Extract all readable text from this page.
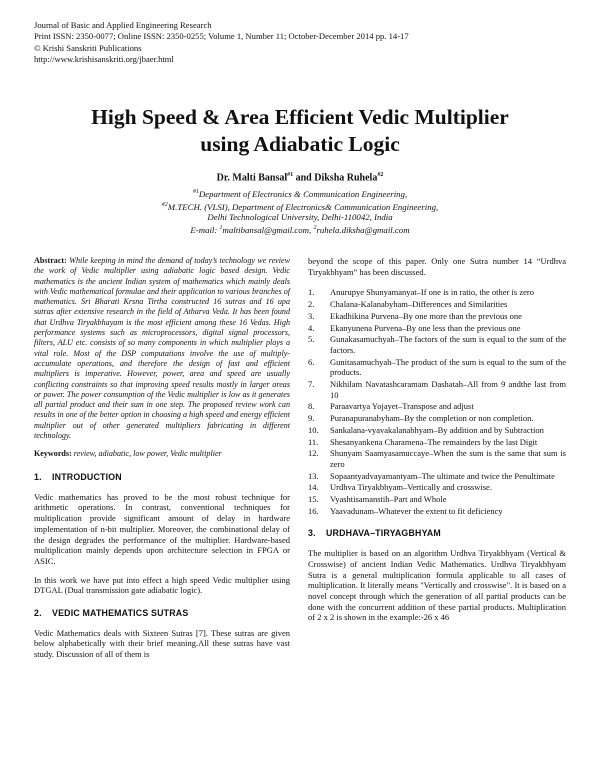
Journal of Basic and Applied Engineering Research
Print ISSN: 2350-0077; Online ISSN: 2350-0255; Volume 1, Number 11; October-December 2014 pp. 14-17
© Krishi Sanskriti Publications
http://www.krishisanskriti.org/jbaer.html
High Speed & Area Efficient Vedic Multiplier
using Adiabatic Logic
Dr. Malti Bansal$^{\#1}$ and Diksha Ruhela$^{\#2}$
$^{\#1}$Department of Electronics & Communication Engineering,
$^{\#2}$M.TECH. (VLSI), Department of Electronics& Communication Engineering,
Delhi Technological University, Delhi-110042, India
E-mail: $^1$maltibansal@gmail.com, $^2$ruhela.diksha@gmail.com
Abstract: While keeping in mind the demand of today’s technology we review the work of Vedic multiplier using adiabatic logic based design. Vedic mathematics is the ancient Indian system of mathematics which mainly deals with Vedic mathematical formulae and their application to various branches of mathematics. Sri Bharati Krsna Tirtha constructed 16 sutras and 16 upa sutras after extensive research in the field of Atharva Veda. It has been found that Urdhva Tiryakbhayam is the most efficient among these 16 Vedas. High performance systems such as microprocessors, digital signal processors, filters, ALU etc. consists of so many components in which multiplier plays a vital role. Most of the DSP computations involve the use of multiply-accumulate operations, and therefore the design of fast and efficient multipliers is imperative. However, power, area and speed are usually conflicting constraints so that improving speed results mostly in larger areas or power. The power consumption of the Vedic multiplier is low as it generates all partial product and their sum in one step. The proposed review work can results in one of the better option in choosing a high speed and energy efficient multiplier out of other generated multipliers fabricating in different technology.
Keywords: review, adiabatic, low power, Vedic multiplier
1. INTRODUCTION

Vedic mathematics has proved to be the most robust technique for arithmetic operations. In contrast, conventional techniques for multiplication provide significant amount of delay in hardware implementation of n-bit multiplier. Moreover, the combinational delay of the design degrades the performance of the multiplier. Hardware-based multiplication mainly depends upon architecture selection in FPGA or ASIC.

In this work we have put into effect a high speed Vedic multiplier using DTGAL (Dual transmission gate adiabatic logic).

2. VEDIC MATHEMATICS SUTRAS

Vedic Mathematics deals with Sixteen Sutras [7]. These sutras are given below alphabetically with their brief meaning.All these sutras have vast study. Discussion of all of them is

beyond the scope of this paper. Only one Sutra number 14 “Urdhva Tiryakbhyam” has been discussed.

1.	Anurupye Shunyamanyat–If one is in ratio, the other is zero
2.	Chalana-Kalanabyham–Differences and Similarities
3.	Ekadhikina Purvena–By one more than the previous one
4.	Ekanyunena Purvena–By one less than the previous one
5.	Gunakasamuchyah–The factors of the sum is equal to the sum of the factors.
6.	Gunitasamuchyah–The product of the sum is equal to the sum of the products.
7.	Nikhilam Navatashcaramam Dashatah–All from 9 andthe last from 10
8.	Paraavartya Yojayet–Transpose and adjust
9.	Puranapuranabyham–By the completion or non completion.
10.	Sankalana-vyavakalanabhyam–By addition and by Subtraction
11.	Shesanyankena Charamena–The remainders by the last Digit
12.	Shunyam Saamyasamuccaye–When the sum is the same that sum is zero
13.	Sopaantyadvayamantyam–The ultimate and twice the Penultimate
14.	Urdhva Tiryakbhyam–Vertically and crosswise.
15.	Vyashtisamanstih–Part and Whole
16.	Yaavadunam–Whatever the extent to fit deficiency
3. URDHAVA–TIRYAGBHYAM

The multiplier is based on an algorithm Urdhva Tiryakbhyam (Vertical & Crosswise) of ancient Indian Vedic Mathematics. Urdhva Tiryakbhyam Sutra is a general multiplication formula applicable to all cases of multiplication. It literally means "Vertically and crosswise". It is based on a novel concept through which the generation of all partial products can be done with the concurrent addition of these partial products. Multiplication of 2 x 2 is shown in the example:-26 x 46
